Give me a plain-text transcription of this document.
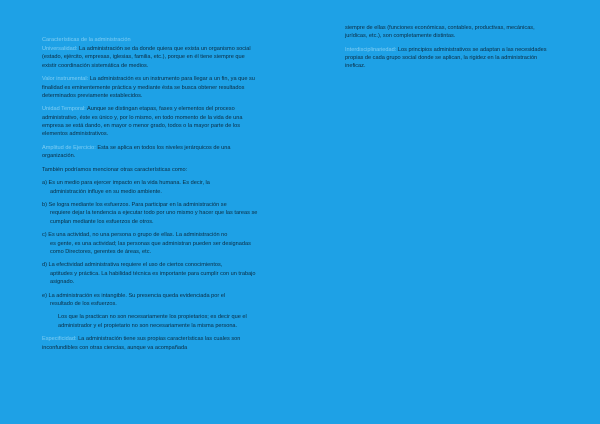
Características de la administración

Universalidad: La administración se da donde quiera que exista un organismo social (estado, ejército, empresas, iglesias, familia, etc.), porque en él tiene siempre que existir coordinación sistemática de medios.

Valor instrumental: La administración es un instrumento para llegar a un fin, ya que su finalidad es eminentemente práctica y mediante ésta se busca obtener resultados determinados previamente establecidos.

Unidad Temporal: Aunque se distingan etapas, fases y elementos del proceso administrativo, éste es único y, por lo mismo, en todo momento de la vida de una empresa se está dando, en mayor o menor grado, todos o la mayor parte de los elementos administrativos.

Amplitud de Ejercicio: Esta se aplica en todos los niveles jerárquicos de una organización.

También podríamos mencionar otras características como:

a) Es un medio para ejercer impacto en la vida humana. Es decir, la
administración influye en su medio ambiente.

b) Se logra mediante los esfuerzos. Para participar en la administración se
requiere dejar la tendencia a ejecutar todo por uno mismo y hacer que las tareas se cumplan mediante los esfuerzos de otros.

c) Es una actividad, no una persona o grupo de ellas. La administración no
es gente, es una actividad; las personas que administran pueden ser designadas como Directores, gerentes de áreas, etc.

d) La efectividad administrativa requiere el uso de ciertos conocimientos,
aptitudes y práctica. La habilidad técnica es importante para cumplir con un trabajo asignado.

e) La administración es intangible. Su presencia queda evidenciada por el
resultado de los esfuerzos.

Los que la practican no son necesariamente los propietarios; es decir que el administrador y el propietario no son necesariamente la misma persona.

Especificidad: La administración tiene sus propias características las cuales son inconfundibles con otras ciencias, aunque va acompañada

siempre de ellas (funciones económicas, contables, productivas, mecánicas, jurídicas, etc.), son completamente distintas.

Interdisciplinariedad: Los principios administrativos se adaptan a las necesidades propias de cada grupo social donde se aplican, la rigidez en la administración ineficaz.
